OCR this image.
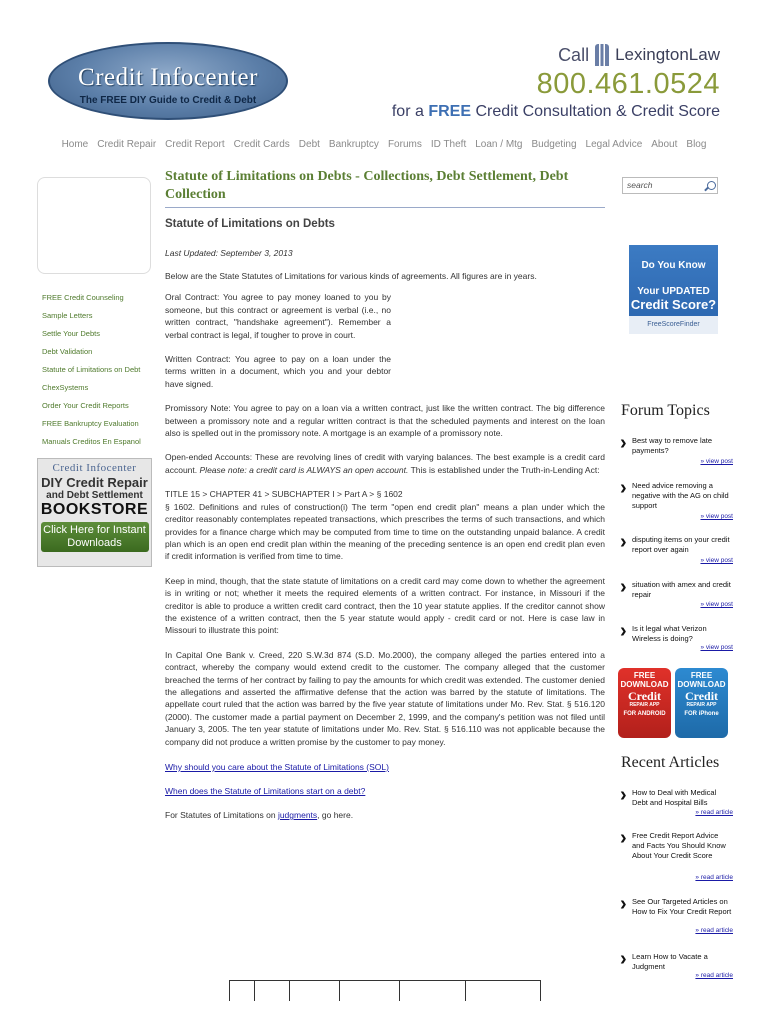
Credit Infocenter
The FREE DIY Guide to Credit & Debt
Call LexingtonLaw
800.461.0524
for a FREE Credit Consultation & Credit Score
Home Credit Repair Credit Report Credit Cards Debt Bankruptcy Forums ID Theft Loan / Mtg Budgeting Legal Advice About Blog
FREE Credit Counseling
Sample Letters
Settle Your Debts
Debt Validation
Statute of Limitations on Debt
ChexSystems
Order Your Credit Reports
FREE Bankruptcy Evaluation
Manuals Creditos En Espanol
Credit Infocenter
DIY Credit Repair
and Debt Settlement
BOOKSTORE
Click Here for Instant Downloads
Statute of Limitations on Debts - Collections, Debt Settlement, Debt Collection
Statute of Limitations on Debts
Last Updated: September 3, 2013

Below are the State Statutes of Limitations for various kinds of agreements. All figures are in years.

Oral Contract: You agree to pay money loaned to you by someone, but this contract or agreement is verbal (i.e., no written contract, "handshake agreement"). Remember a verbal contract is legal, if tougher to prove in court.

Written Contract: You agree to pay on a loan under the terms written in a document, which you and your debtor have signed.

Promissory Note: You agree to pay on a loan via a written contract, just like the written contract. The big difference between a promissory note and a regular written contract is that the scheduled payments and interest on the loan also is spelled out in the promissory note. A mortgage is an example of a promissory note.

Open-ended Accounts: These are revolving lines of credit with varying balances. The best example is a credit card account. Please note: a credit card is ALWAYS an open account. This is established under the Truth-in-Lending Act:

TITLE 15 > CHAPTER 41 > SUBCHAPTER I > Part A > § 1602
§ 1602. Definitions and rules of construction(i) The term "open end credit plan" means a plan under which the creditor reasonably contemplates repeated transactions, which prescribes the terms of such transactions, and which provides for a finance charge which may be computed from time to time on the outstanding unpaid balance. A credit plan which is an open end credit plan within the meaning of the preceding sentence is an open end credit plan even if credit information is verified from time to time.

Keep in mind, though, that the state statute of limitations on a credit card may come down to whether the agreement is in writing or not; whether it meets the required elements of a written contract. For instance, in Missouri if the creditor is able to produce a written credit card contract, then the 10 year statute applies. If the creditor cannot show the existence of a written contract, then the 5 year statute would apply - credit card or not. Here is case law in Missouri to illustrate this point:

In Capital One Bank v. Creed, 220 S.W.3d 874 (S.D. Mo.2000), the company alleged the parties entered into a contract, whereby the company would extend credit to the customer. The company alleged that the customer breached the terms of her contract by failing to pay the amounts for which credit was extended. The customer denied the allegations and asserted the affirmative defense that the action was barred by the statute of limitations. The appellate court ruled that the action was barred by the five year statute of limitations under Mo. Rev. Stat. § 516.120 (2000). The customer made a partial payment on December 2, 1999, and the company's petition was not filed until January 3, 2005. The ten year statute of limitations under Mo. Rev. Stat. § 516.110 was not applicable because the company did not produce a written promise by the customer to pay money.

Why should you care about the Statute of Limitations (SOL)
When does the Statute of Limitations start on a debt?
For Statutes of Limitations on judgments, go here.
search
Do You Know
Your UPDATED
Credit Score?
FreeScoreFinder
Forum Topics
› Best way to remove late payments?
» view post
› Need advice removing a negative with the AG on child support
» view post
› disputing items on your credit report over again
» view post
› situation with amex and credit repair
» view post
› Is it legal what Verizon Wireless is doing?
» view post
FREE
DOWNLOAD
Credit
REPAIR APP
FOR ANDROID
FREE
DOWNLOAD
Credit
REPAIR APP
FOR iPhone
Recent Articles
› How to Deal with Medical Debt and Hospital Bills
» read article
› Free Credit Report Advice and Facts You Should Know About Your Credit Score
» read article
› See Our Targeted Articles on How to Fix Your Credit Report
» read article
› Learn How to Vacate a Judgment
» read article
